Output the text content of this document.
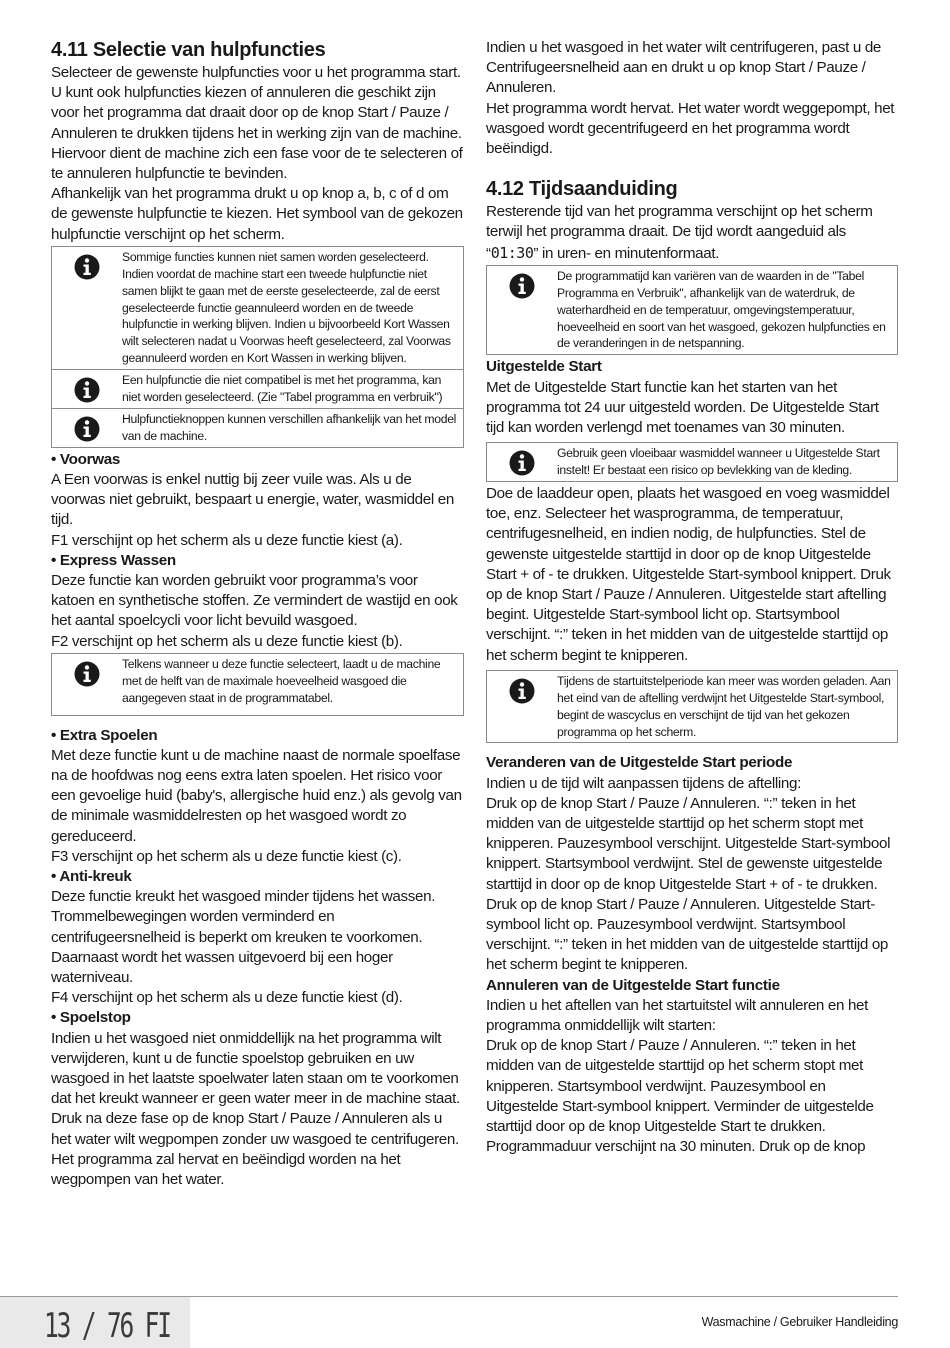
4.11 Selectie van hulpfuncties

Selecteer de gewenste hulpfuncties voor u het programma start. U kunt ook hulpfuncties kiezen of annuleren die geschikt zijn voor het programma dat draait door op de knop Start / Pauze / Annuleren te drukken tijdens het in werking zijn van de machine. Hiervoor dient de machine zich een fase voor de te selecteren of te annuleren hulpfunctie te bevinden.

Afhankelijk van het programma drukt u op knop a, b, c of d om de gewenste hulpfunctie te kiezen. Het symbool van de gekozen hulpfunctie verschijnt op het scherm.

Sommige functies kunnen niet samen worden geselecteerd. Indien voordat de machine start een tweede hulpfunctie niet samen blijkt te gaan met de eerste geselecteerde, zal de eerst geselecteerde functie geannuleerd worden en de tweede hulpfunctie in werking blijven. Indien u bijvoorbeeld Kort Wassen wilt selecteren nadat u Voorwas heeft geselecteerd, zal Voorwas geannuleerd worden en Kort Wassen in werking blijven.
Een hulpfunctie die niet compatibel is met het programma, kan niet worden geselecteerd. (Zie "Tabel programma en verbruik")
Hulpfunctieknoppen kunnen verschillen afhankelijk van het model van de machine.
• Voorwas

A Een voorwas is enkel nuttig bij zeer vuile was. Als u de voorwas niet gebruikt, bespaart u energie, water, wasmiddel en tijd.

F1 verschijnt op het scherm als u deze functie kiest (a).

• Express Wassen

Deze functie kan worden gebruikt voor programma’s voor katoen en synthetische stoffen. Ze vermindert de wastijd en ook het aantal spoelcycli voor licht bevuild wasgoed.

F2 verschijnt op het scherm als u deze functie kiest (b).

Telkens wanneer u deze functie selecteert, laadt u de machine met de helft van de maximale hoeveelheid wasgoed die aangegeven staat in de programmatabel.
• Extra Spoelen

Met deze functie kunt u de machine naast de normale spoelfase na de hoofdwas nog eens extra laten spoelen. Het risico voor een gevoelige huid (baby's, allergische huid enz.) als gevolg van de minimale wasmiddelresten op het wasgoed wordt zo gereduceerd.

F3 verschijnt op het scherm als u deze functie kiest (c).

• Anti-kreuk

Deze functie kreukt het wasgoed minder tijdens het wassen. Trommelbewegingen worden verminderd en centrifugeersnelheid is beperkt om kreuken te voorkomen. Daarnaast wordt het wassen uitgevoerd bij een hoger waterniveau.

F4 verschijnt op het scherm als u deze functie kiest (d).

• Spoelstop

Indien u het wasgoed niet onmiddellijk na het programma wilt verwijderen, kunt u de functie spoelstop gebruiken en uw wasgoed in het laatste spoelwater laten staan om te voorkomen dat het kreukt wanneer er geen water meer in de machine staat. Druk na deze fase op de knop Start / Pauze / Annuleren als u het water wilt wegpompen zonder uw wasgoed te centrifugeren. Het programma zal hervat en beëindigd worden na het wegpompen van het water.

Indien u het wasgoed in het water wilt centrifugeren, past u de Centrifugeersnelheid aan en drukt u op knop Start / Pauze / Annuleren.

Het programma wordt hervat. Het water wordt weggepompt, het wasgoed wordt gecentrifugeerd en het programma wordt beëindigd.

4.12 Tijdsaanduiding

Resterende tijd van het programma verschijnt op het scherm terwijl het programma draait. De tijd wordt aangeduid als “01:30” in uren- en minutenformaat.

De programmatijd kan variëren van de waarden in de "Tabel Programma en Verbruik", afhankelijk van de waterdruk, de waterhardheid en de temperatuur, omgevingstemperatuur, hoeveelheid en soort van het wasgoed, gekozen hulpfuncties en de veranderingen in de netspanning.
Uitgestelde Start

Met de Uitgestelde Start functie kan het starten van het programma tot 24 uur uitgesteld worden. De Uitgestelde Start tijd kan worden verlengd met toenames van 30 minuten.

Gebruik geen vloeibaar wasmiddel wanneer u Uitgestelde Start instelt! Er bestaat een risico op bevlekking van de kleding.

Doe de laaddeur open, plaats het wasgoed en voeg wasmiddel toe, enz. Selecteer het wasprogramma, de temperatuur, centrifugesnelheid, en indien nodig, de hulpfuncties. Stel de gewenste uitgestelde starttijd in door op de knop Uitgestelde Start + of - te drukken. Uitgestelde Start-symbool knippert. Druk op de knop Start / Pauze / Annuleren. Uitgestelde start aftelling begint. Uitgestelde Start-symbool licht op. Startsymbool verschijnt. “:” teken in het midden van de uitgestelde starttijd op het scherm begint te knipperen.

Tijdens de startuitstelperiode kan meer was worden geladen. Aan het eind van de aftelling verdwijnt het Uitgestelde Start-symbool, begint de wascyclus en verschijnt de tijd van het gekozen programma op het scherm.
Veranderen van de Uitgestelde Start periode

Indien u de tijd wilt aanpassen tijdens de aftelling:

Druk op de knop Start / Pauze / Annuleren. “:” teken in het midden van de uitgestelde starttijd op het scherm stopt met knipperen. Pauzesymbool verschijnt. Uitgestelde Start-symbool knippert. Startsymbool verdwijnt. Stel de gewenste uitgestelde starttijd in door op de knop Uitgestelde Start + of - te drukken. Druk op de knop Start / Pauze / Annuleren. Uitgestelde Start-symbool licht op. Pauzesymbool verdwijnt. Startsymbool verschijnt. “:” teken in het midden van de uitgestelde starttijd op het scherm begint te knipperen.

Annuleren van de Uitgestelde Start functie

Indien u het aftellen van het startuitstel wilt annuleren en het programma onmiddellijk wilt starten:

Druk op de knop Start / Pauze / Annuleren. “:” teken in het midden van de uitgestelde starttijd op het scherm stopt met knipperen. Startsymbool verdwijnt. Pauzesymbool en Uitgestelde Start-symbool knippert. Verminder de uitgestelde starttijd door op de knop Uitgestelde Start te drukken. Programmaduur verschijnt na 30 minuten. Druk op de knop

13 / 76 FI	Wasmachine / Gebruiker Handleiding
